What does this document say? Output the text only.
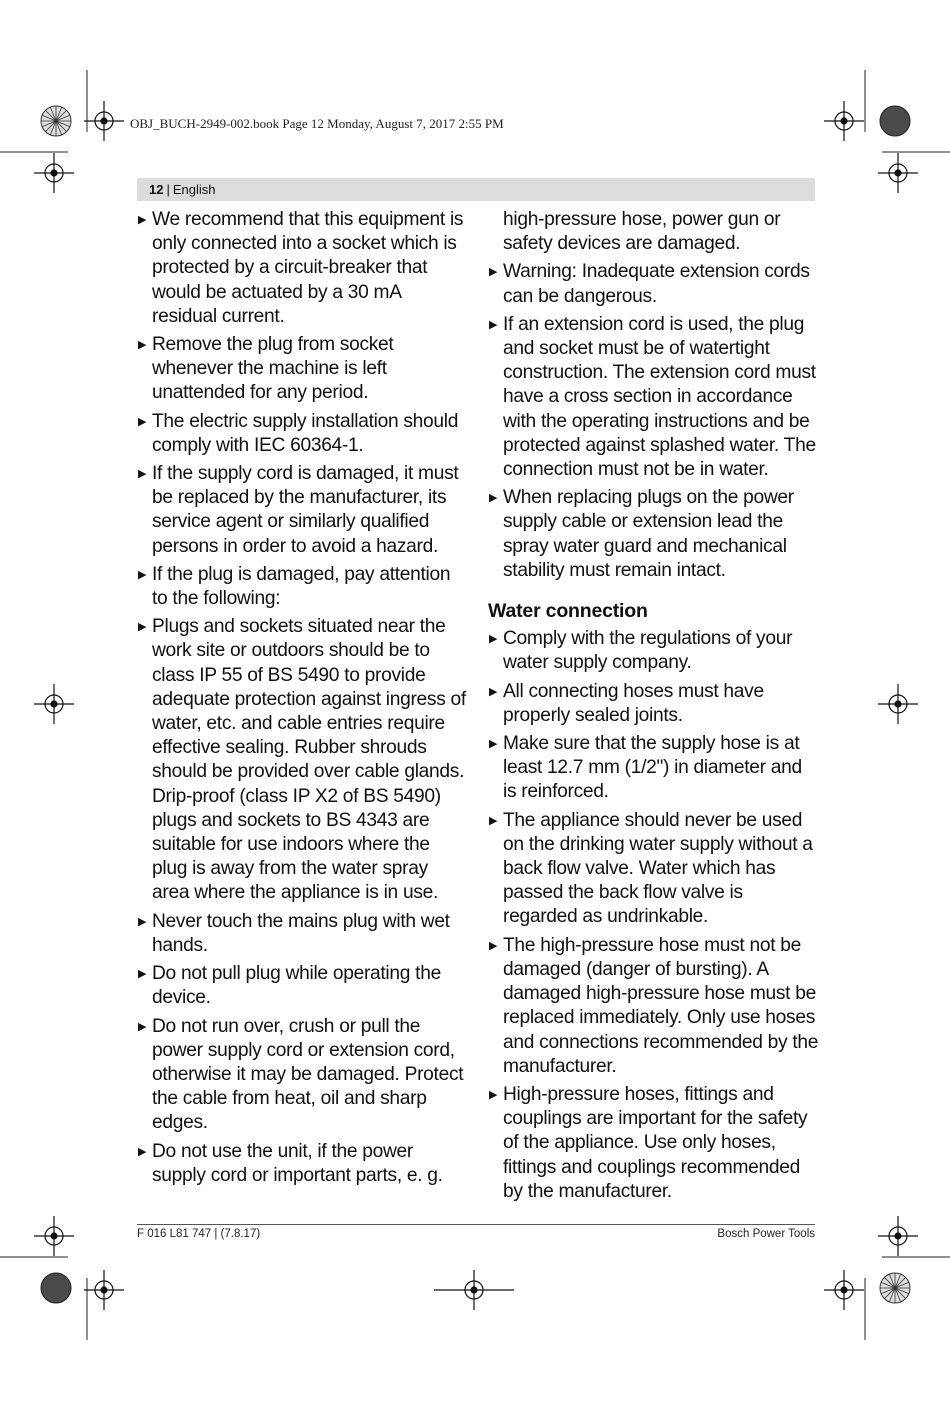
OBJ_BUCH-2949-002.book Page 12 Monday, August 7, 2017 2:55 PM
12 | English
▶ We recommend that this equipment is only connected into a socket which is protected by a circuit-breaker that would be actuated by a 30 mA residual current.
▶ Remove the plug from socket whenever the machine is left unattended for any period.
▶ The electric supply installation should comply with IEC 60364-1.
▶ If the supply cord is damaged, it must be replaced by the manufacturer, its service agent or similarly qualified persons in order to avoid a hazard.
▶ If the plug is damaged, pay attention to the following:
▶ Plugs and sockets situated near the work site or outdoors should be to class IP 55 of BS 5490 to provide adequate protection against ingress of water, etc. and cable entries require effective sealing. Rubber shrouds should be provided over cable glands. Drip-proof (class IP X2 of BS 5490) plugs and sockets to BS 4343 are suitable for use indoors where the plug is away from the water spray area where the appliance is in use.
▶ Never touch the mains plug with wet hands.
▶ Do not pull plug while operating the device.
▶ Do not run over, crush or pull the power supply cord or extension cord, otherwise it may be damaged. Protect the cable from heat, oil and sharp edges.
▶ Do not use the unit, if the power supply cord or important parts, e. g.
high-pressure hose, power gun or safety devices are damaged.
▶ Warning: Inadequate extension cords can be dangerous.
▶ If an extension cord is used, the plug and socket must be of watertight construction. The extension cord must have a cross section in accordance with the operating instructions and be protected against splashed water. The connection must not be in water.
▶ When replacing plugs on the power supply cable or extension lead the spray water guard and mechanical stability must remain intact.
Water connection
▶ Comply with the regulations of your water supply company.
▶ All connecting hoses must have properly sealed joints.
▶ Make sure that the supply hose is at least 12.7 mm (1/2") in diameter and is reinforced.
▶ The appliance should never be used on the drinking water supply without a back flow valve. Water which has passed the back flow valve is regarded as undrinkable.
▶ The high-pressure hose must not be damaged (danger of bursting). A damaged high-pressure hose must be replaced immediately. Only use hoses and connections recommended by the manufacturer.
▶ High-pressure hoses, fittings and couplings are important for the safety of the appliance. Use only hoses, fittings and couplings recommended by the manufacturer.
F 016 L81 747 | (7.8.17)	Bosch Power Tools
